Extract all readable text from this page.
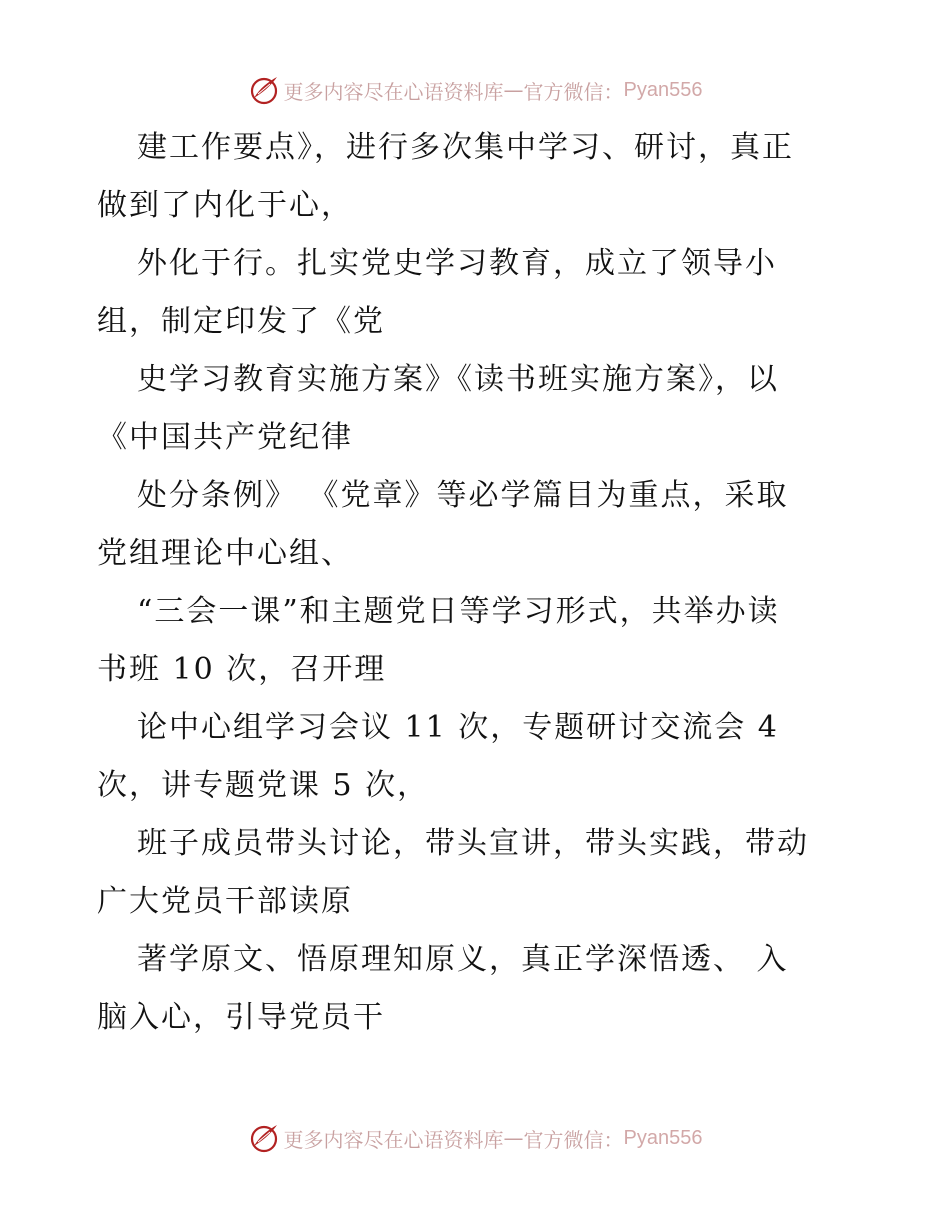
更多内容尽在心语资料库 — 官方微信： Pyan556
建工作要点》，进行多次集中学习、研讨，真正
做到了内化于心，
外化于行。扎实党史学习教育，成立了领导小
组，制定印发了《党
史学习教育实施方案》《读书班实施方案》，以
《中国共产党纪律
处分条例》 《党章》等必学篇目为重点，采取
党组理论中心组、
“三会一课”和主题党日等学习形式，共举办读
书班 10 次，召开理
论中心组学习会议 11 次，专题研讨交流会 4
次，讲专题党课 5 次，
班子成员带头讨论，带头宣讲，带头实践，带动
广大党员干部读原
著学原文、悟原理知原义，真正学深悟透、 入
脑入心，引导党员干
更多内容尽在心语资料库 — 官方微信： Pyan556
